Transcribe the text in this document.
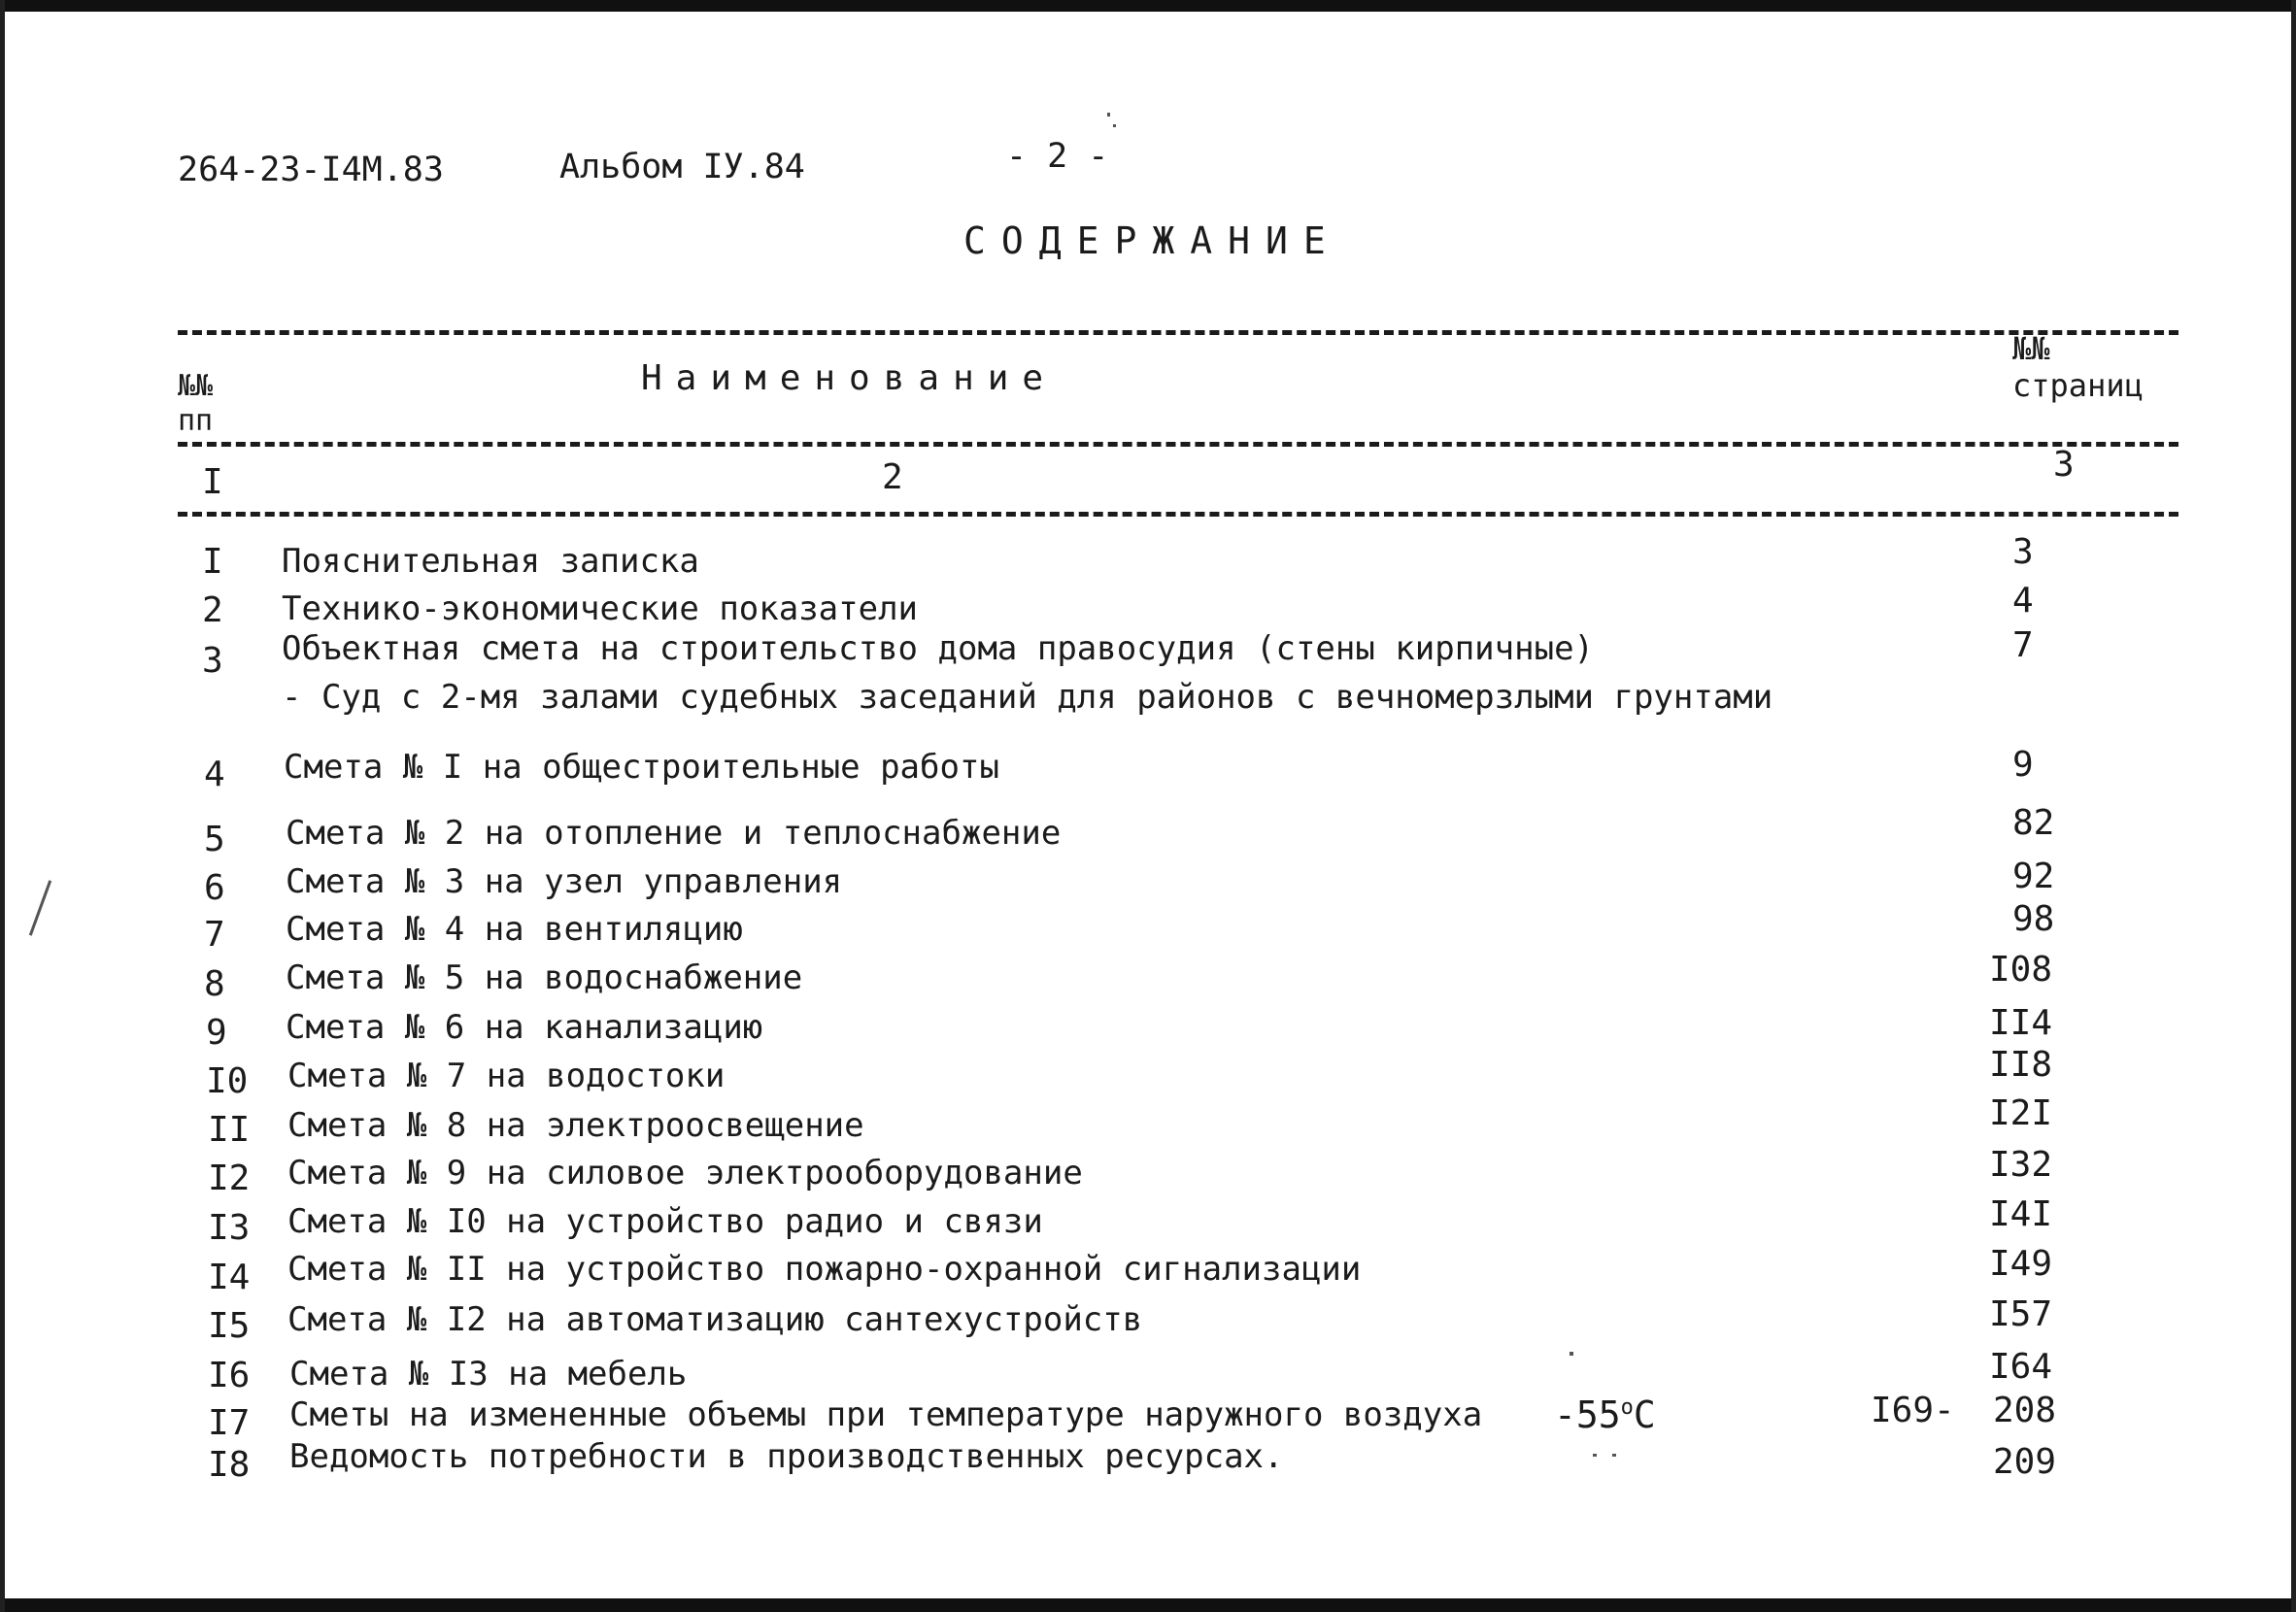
264-23-I4M.83	Альбом IУ.84	- 2 -
СОДЕРЖАНИЕ
№№
пп
Наименование
№№
страниц
I	2	3
I	Пояснительная записка	3
2	Технико-экономические показатели	4
3	Объектная смета на строительство дома правосудия (стены кирпичные)
- Суд с 2-мя залами судебных заседаний для районов с вечномерзлыми грунтами
7
4	Смета № I на общестроительные работы	9
5	Смета № 2 на отопление и теплоснабжение	82
6	Смета № 3 на узел управления	92
7	Смета № 4 на вентиляцию	98
8	Смета № 5 на водоснабжение	I08
9	Смета № 6 на канализацию	II4
I0	Смета № 7 на водостоки	II8
II	Смета № 8 на электроосвещение	I2I
I2	Смета № 9 на силовое электрооборудование	I32
I3	Смета № I0 на устройство радио и связи	I4I
I4	Смета № II на устройство пожарно-охранной сигнализации	I49
I5	Смета № I2 на автоматизацию сантехустройств	I57
I6	Смета № I3 на мебель	I64
I7	Сметы на измененные объемы при температуре наружного воздуха $-55^оС$	I69- 208
I8	Ведомость потребности в производственных ресурсах.	209
